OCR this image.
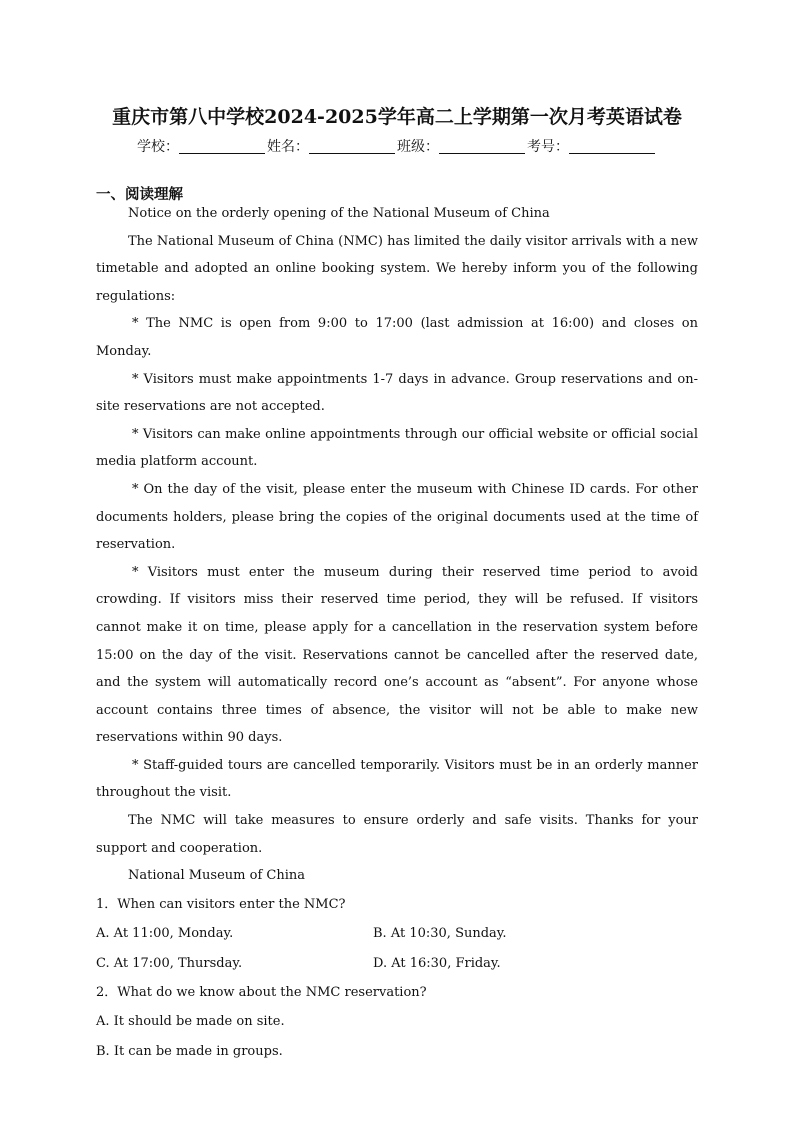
重庆市第八中学校2024-2025学年高二上学期第一次月考英语试卷
学校：	姓名：	班级：	考号：
一、阅读理解

Notice on the orderly opening of the National Museum of China

The National Museum of China (NMC) has limited the daily visitor arrivals with a new timetable and adopted an online booking system. We hereby inform you of the following regulations:

* The NMC is open from 9:00 to 17:00 (last admission at 16:00) and closes on Monday.

* Visitors must make appointments 1-7 days in advance. Group reservations and on-site reservations are not accepted.

* Visitors can make online appointments through our official website or official social media platform account.

* On the day of the visit, please enter the museum with Chinese ID cards. For other documents holders, please bring the copies of the original documents used at the time of reservation.

* Visitors must enter the museum during their reserved time period to avoid crowding. If visitors miss their reserved time period, they will be refused. If visitors cannot make it on time, please apply for a cancellation in the reservation system before 15:00 on the day of the visit. Reservations cannot be cancelled after the reserved date, and the system will automatically record one’s account as “absent”. For anyone whose account contains three times of absence, the visitor will not be able to make new reservations within 90 days.

* Staff-guided tours are cancelled temporarily. Visitors must be in an orderly manner throughout the visit.

The NMC will take measures to ensure orderly and safe visits. Thanks for your support and cooperation.

National Museum of China

1．When can visitors enter the NMC?

A. At 11:00, Monday.	B. At 10:30, Sunday.
C. At 17:00, Thursday.	D. At 16:30, Friday.

2．What do we know about the NMC reservation?

A. It should be made on site.

B. It can be made in groups.
